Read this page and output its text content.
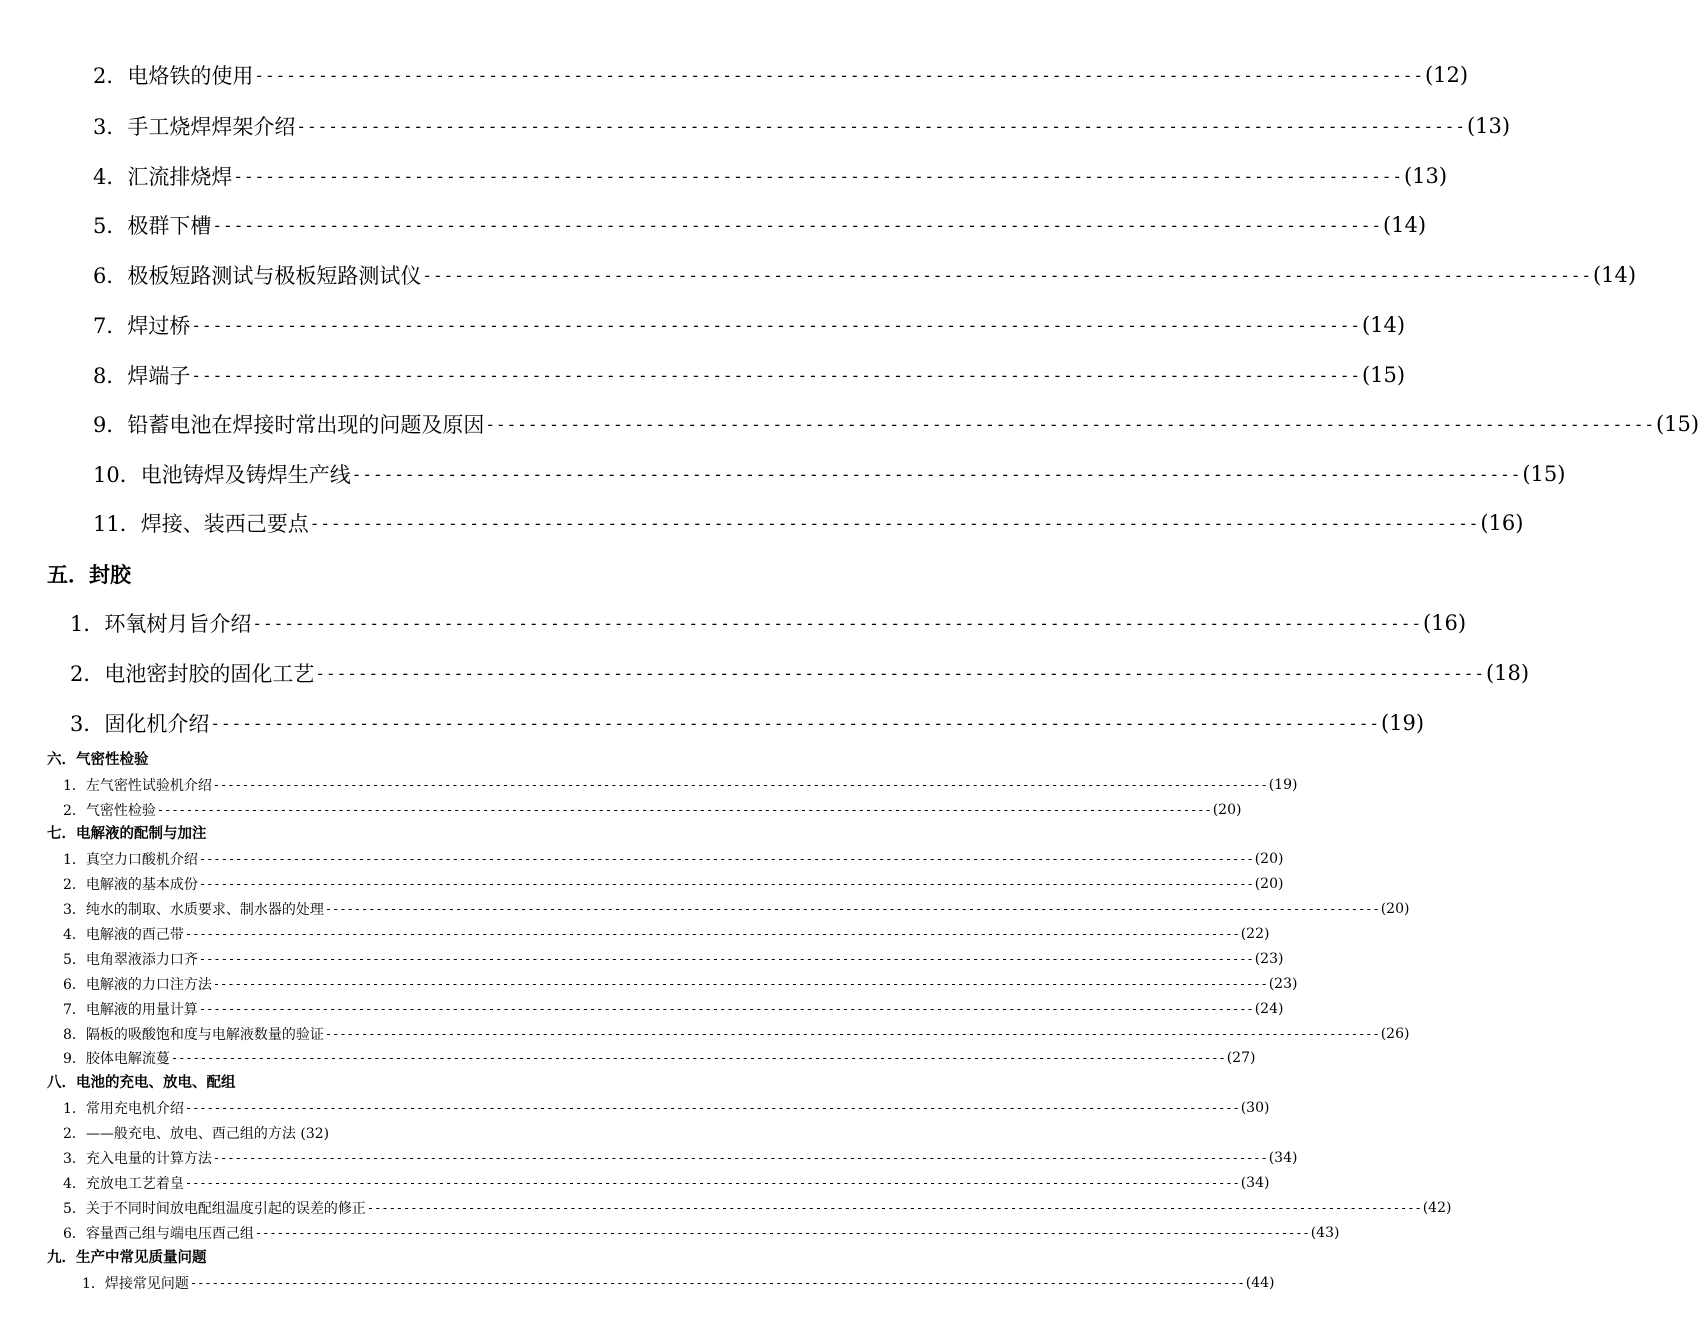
2．电烙铁的使用 -------------------------------------------------------------------------------------------------------------- (12)
3．手工烧焊焊架介绍 -------------------------------------------------------------------------------------------------------------- (13)
4．汇流排烧焊 -------------------------------------------------------------------------------------------------------------- (13)
5．极群下槽 -------------------------------------------------------------------------------------------------------------- (14)
6．极板短路测试与极板短路测试仪 -------------------------------------------------------------------------------------------------------------- (14)
7．焊过桥 -------------------------------------------------------------------------------------------------------------- (14)
8．焊端子 -------------------------------------------------------------------------------------------------------------- (15)
9．铅蓄电池在焊接时常出现的问题及原因 -------------------------------------------------------------------------------------------------------------- (15)
10．电池铸焊及铸焊生产线 -------------------------------------------------------------------------------------------------------------- (15)
11．焊接、装西己要点 -------------------------------------------------------------------------------------------------------------- (16)
五．封胶
1．环氧树月旨介绍 -------------------------------------------------------------------------------------------------------------- (16)
2．电池密封胶的固化工艺 -------------------------------------------------------------------------------------------------------------- (18)
3．固化机介绍 -------------------------------------------------------------------------------------------------------------- (19)
六．气密性检验
1．左气密性试验机介绍 -------------------------------------------------------------------------------------------------------------------------------------------------- (19)
2．气密性检验 -------------------------------------------------------------------------------------------------------------------------------------------------- (20)
七．电解液的配制与加注
1．真空力口酸机介绍 -------------------------------------------------------------------------------------------------------------------------------------------------- (20)
2．电解液的基本成份 -------------------------------------------------------------------------------------------------------------------------------------------------- (20)
3．纯水的制取、水质要求、制水器的处理 -------------------------------------------------------------------------------------------------------------------------------------------------- (20)
4．电解液的酉己带 -------------------------------------------------------------------------------------------------------------------------------------------------- (22)
5．电角翠液添力口齐 -------------------------------------------------------------------------------------------------------------------------------------------------- (23)
6．电解液的力口注方法 -------------------------------------------------------------------------------------------------------------------------------------------------- (23)
7．电解液的用量计算 -------------------------------------------------------------------------------------------------------------------------------------------------- (24)
8．隔板的吸酸饱和度与电解液数量的验证 -------------------------------------------------------------------------------------------------------------------------------------------------- (26)
9．胶体电解流蔓 -------------------------------------------------------------------------------------------------------------------------------------------------- (27)
八．电池的充电、放电、配组
1．常用充电机介绍 -------------------------------------------------------------------------------------------------------------------------------------------------- (30)
2．——般充电、放电、酉己组的方法 (32)
3．充入电量的计算方法 -------------------------------------------------------------------------------------------------------------------------------------------------- (34)
4．充放电工艺着皇 -------------------------------------------------------------------------------------------------------------------------------------------------- (34)
5．关于不同时间放电配组温度引起的误差的修正 -------------------------------------------------------------------------------------------------------------------------------------------------- (42)
6．容量酉己组与端电压酉己组 -------------------------------------------------------------------------------------------------------------------------------------------------- (43)
九．生产中常见质量问题
1．焊接常见问题 -------------------------------------------------------------------------------------------------------------------------------------------------- (44)
